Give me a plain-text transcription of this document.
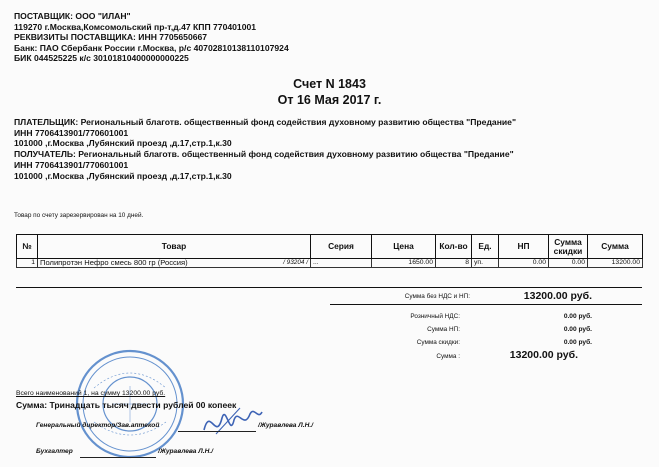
ПОСТАВЩИК: ООО "ИЛАН"
119270 г.Москва,Комсомольский пр-т,д.47 КПП 770401001
РЕКВИЗИТЫ ПОСТАВЩИКА: ИНН 7705650667
Банк: ПАО Сбербанк России г.Москва, р/с 40702810138110107924
БИК 044525225 к/с 30101810400000000225
Счет N 1843
От 16 Мая 2017 г.
ПЛАТЕЛЬЩИК: Региональный благотв. общественный фонд содействия духовному развитию общества "Предание"
ИНН 7706413901/770601001
101000 ,г.Москва ,Лубянский проезд ,д.17,стр.1,к.30
ПОЛУЧАТЕЛЬ: Региональный благотв. общественный фонд содействия духовному развитию общества "Предание"
ИНН 7706413901/770601001
101000 ,г.Москва ,Лубянский проезд ,д.17,стр.1,к.30
Товар по счету зарезервирован на 10 дней.
№	Товар	Серия	Цена	Кол-во	Ед.	НП	Сумма скидки	Сумма
1	Полипротэн Нефро смесь 800 гр (Россия) / 93204 /	...	1650.00	8	уп.	0.00	0.00	13200.00
Сумма без НДС и НП:	13200.00 руб.
Розничный НДС:	0.00 руб.
Сумма НП:	0.00 руб.
Сумма скидки:	0.00 руб.
Сумма :	13200.00 руб.
Всего наименований 1, на сумму 13200.00 руб.
Сумма: Тринадцать тысяч двести рублей 00 копеек
Генеральный директор/Зав.аптекой	/Журавлева Л.Н./
Бухгалтер	/Журавлева Л.Н./
